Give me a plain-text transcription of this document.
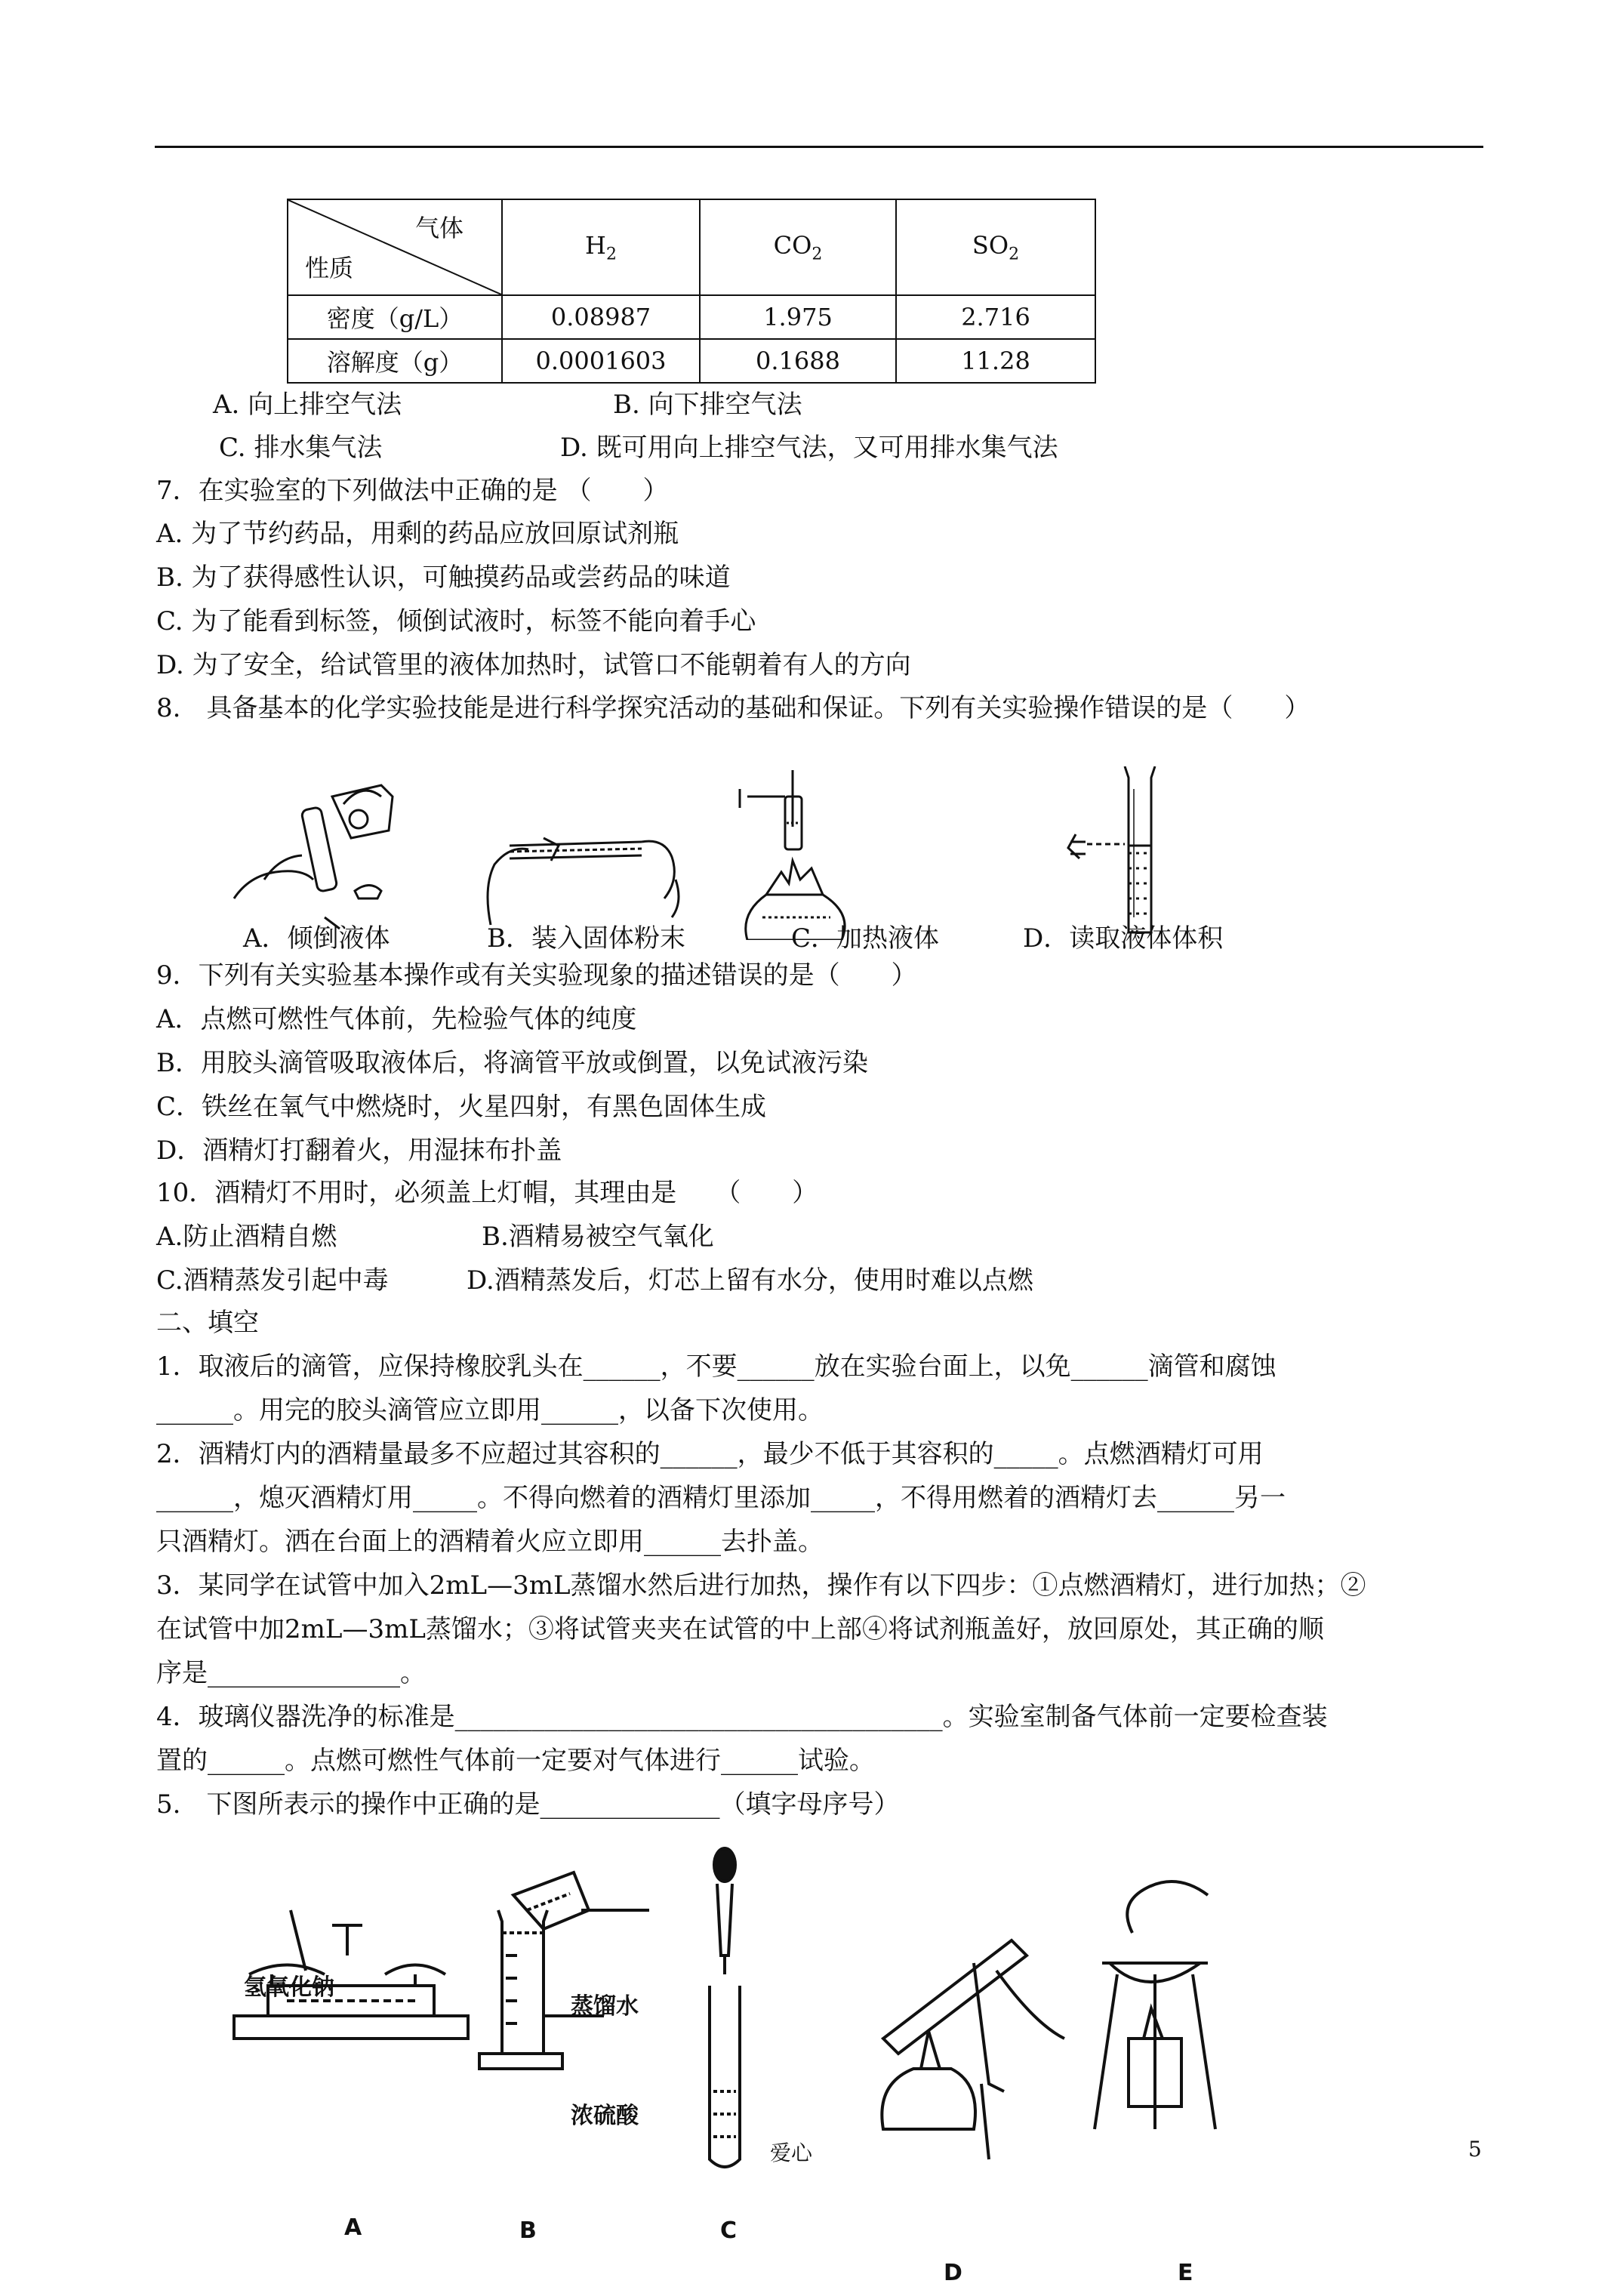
气体
性质	$H_2$	$CO_2$	$SO_2$
密度（g/L）	0.08987	1.975	2.716
溶解度（g）	0.0001603	0.1688	11.28
A. 向上排空气法	B. 向下排空气法
C. 排水集气法	D. 既可用向上排空气法，又可用排水集气法
7．在实验室的下列做法中正确的是 （　　）
A. 为了节约药品，用剩的药品应放回原试剂瓶
B. 为了获得感性认识，可触摸药品或尝药品的味道
C. 为了能看到标签，倾倒试液时，标签不能向着手心
D. 为了安全，给试管里的液体加热时，试管口不能朝着有人的方向
8.　具备基本的化学实验技能是进行科学探究活动的基础和保证。下列有关实验操作错误的是（　　）
A．倾倒液体	B．装入固体粉末	C．加热液体	D．读取液体体积
9．下列有关实验基本操作或有关实验现象的描述错误的是（　　）
A．点燃可燃性气体前，先检验气体的纯度
B．用胶头滴管吸取液体后，将滴管平放或倒置，以免试液污染
C．铁丝在氧气中燃烧时，火星四射，有黑色固体生成
D．酒精灯打翻着火，用湿抹布扑盖
10．酒精灯不用时，必须盖上灯帽，其理由是　　（　　）
A.防止酒精自燃	B.酒精易被空气氧化
C.酒精蒸发引起中毒	D.酒精蒸发后，灯芯上留有水分，使用时难以点燃
二、填空
1．取液后的滴管，应保持橡胶乳头在______，不要______放在实验台面上，以免______滴管和腐蚀
______。用完的胶头滴管应立即用______，以备下次使用。
2．酒精灯内的酒精量最多不应超过其容积的______，最少不低于其容积的_____。点燃酒精灯可用
______，熄灭酒精灯用_____。不得向燃着的酒精灯里添加_____，不得用燃着的酒精灯去______另一
只酒精灯。洒在台面上的酒精着火应立即用______去扑盖。
3．某同学在试管中加入2mL—3mL蒸馏水然后进行加热，操作有以下四步：①点燃酒精灯，进行加热；②
在试管中加2mL—3mL蒸馏水；③将试管夹夹在试管的中上部④将试剂瓶盖好，放回原处，其正确的顺
序是_______________。
4．玻璃仪器洗净的标准是______________________________________。实验室制备气体前一定要检查装
置的______。点燃可燃性气体前一定要对气体进行______试验。
5.　下图所表示的操作中正确的是______________（填字母序号）
氢氧化钠
蒸馏水
浓硫酸
A	B	C
D	E
爱心	5
